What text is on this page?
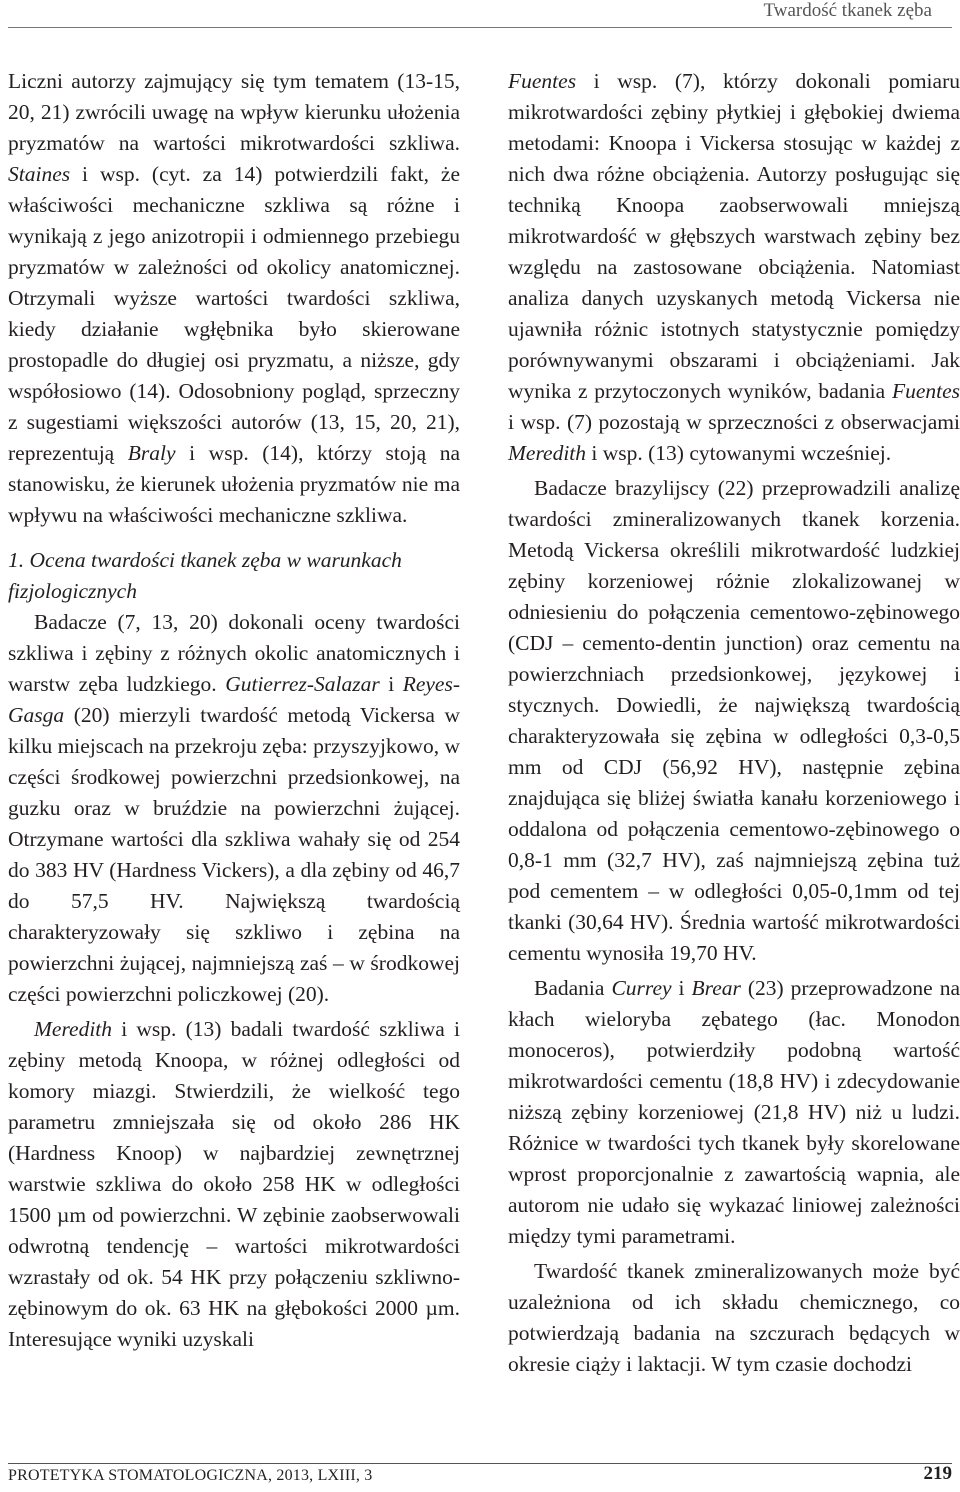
Twardość tkanek zęba

Liczni autorzy zajmujący się tym tematem (13-15, 20, 21) zwrócili uwagę na wpływ kierunku ułożenia pryzmatów na wartości mikrotwardości szkliwa. Staines i wsp. (cyt. za 14) potwierdzili fakt, że właściwości mechaniczne szkliwa są różne i wynikają z jego anizotropii i odmiennego przebiegu pryzmatów w zależności od okolicy anatomicznej. Otrzymali wyższe wartości twardości szkliwa, kiedy działanie wgłębnika było skierowane prostopadle do długiej osi pryzmatu, a niższe, gdy współosiowo (14). Odosobniony pogląd, sprzeczny z sugestiami większości autorów (13, 15, 20, 21), reprezentują Braly i wsp. (14), którzy stoją na stanowisku, że kierunek ułożenia pryzmatów nie ma wpływu na właściwości mechaniczne szkliwa.

1. Ocena twardości tkanek zęba w warunkach fizjologicznych

Badacze (7, 13, 20) dokonali oceny twardości szkliwa i zębiny z różnych okolic anatomicznych i warstw zęba ludzkiego. Gutierrez-Salazar i Reyes-Gasga (20) mierzyli twardość metodą Vickersa w kilku miejscach na przekroju zęba: przyszyjkowo, w części środkowej powierzchni przedsionkowej, na guzku oraz w bruździe na powierzchni żującej. Otrzymane wartości dla szkliwa wahały się od 254 do 383 HV (Hardness Vickers), a dla zębiny od 46,7 do 57,5 HV. Największą twardością charakteryzowały się szkliwo i zębina na powierzchni żującej, najmniejszą zaś – w środkowej części powierzchni policzkowej (20).

Meredith i wsp. (13) badali twardość szkliwa i zębiny metodą Knoopa, w różnej odległości od komory miazgi. Stwierdzili, że wielkość tego parametru zmniejszała się od około 286 HK (Hardness Knoop) w najbardziej zewnętrznej warstwie szkliwa do około 258 HK w odległości 1500 µm od powierzchni. W zębinie zaobserwowali odwrotną tendencję – wartości mikrotwardości wzrastały od ok. 54 HK przy połączeniu szkliwno-zębinowym do ok. 63 HK na głębokości 2000 µm. Interesujące wyniki uzyskali

Fuentes i wsp. (7), którzy dokonali pomiaru mikrotwardości zębiny płytkiej i głębokiej dwiema metodami: Knoopa i Vickersa stosując w każdej z nich dwa różne obciążenia. Autorzy posługując się techniką Knoopa zaobserwowali mniejszą mikrotwardość w głębszych warstwach zębiny bez względu na zastosowane obciążenia. Natomiast analiza danych uzyskanych metodą Vickersa nie ujawniła różnic istotnych statystycznie pomiędzy porównywanymi obszarami i obciążeniami. Jak wynika z przytoczonych wyników, badania Fuentes i wsp. (7) pozostają w sprzeczności z obserwacjami Meredith i wsp. (13) cytowanymi wcześniej.

Badacze brazylijscy (22) przeprowadzili analizę twardości zmineralizowanych tkanek korzenia. Metodą Vickersa określili mikrotwardość ludzkiej zębiny korzeniowej różnie zlokalizowanej w odniesieniu do połączenia cementowo-zębinowego (CDJ – cemento-dentin junction) oraz cementu na powierzchniach przedsionkowej, językowej i stycznych. Dowiedli, że największą twardością charakteryzowała się zębina w odległości 0,3-0,5 mm od CDJ (56,92 HV), następnie zębina znajdująca się bliżej światła kanału korzeniowego i oddalona od połączenia cementowo-zębinowego o 0,8-1 mm (32,7 HV), zaś najmniejszą zębina tuż pod cementem – w odległości 0,05-0,1mm od tej tkanki (30,64 HV). Średnia wartość mikrotwardości cementu wynosiła 19,70 HV.

Badania Currey i Brear (23) przeprowadzone na kłach wieloryba zębatego (łac. Monodon monoceros), potwierdziły podobną wartość mikrotwardości cementu (18,8 HV) i zdecydowanie niższą zębiny korzeniowej (21,8 HV) niż u ludzi. Różnice w twardości tych tkanek były skorelowane wprost proporcjonalnie z zawartością wapnia, ale autorom nie udało się wykazać liniowej zależności między tymi parametrami.

Twardość tkanek zmineralizowanych może być uzależniona od ich składu chemicznego, co potwierdzają badania na szczurach będących w okresie ciąży i laktacji. W tym czasie dochodzi

PROTETYKA STOMATOLOGICZNA, 2013, LXIII, 3	219
